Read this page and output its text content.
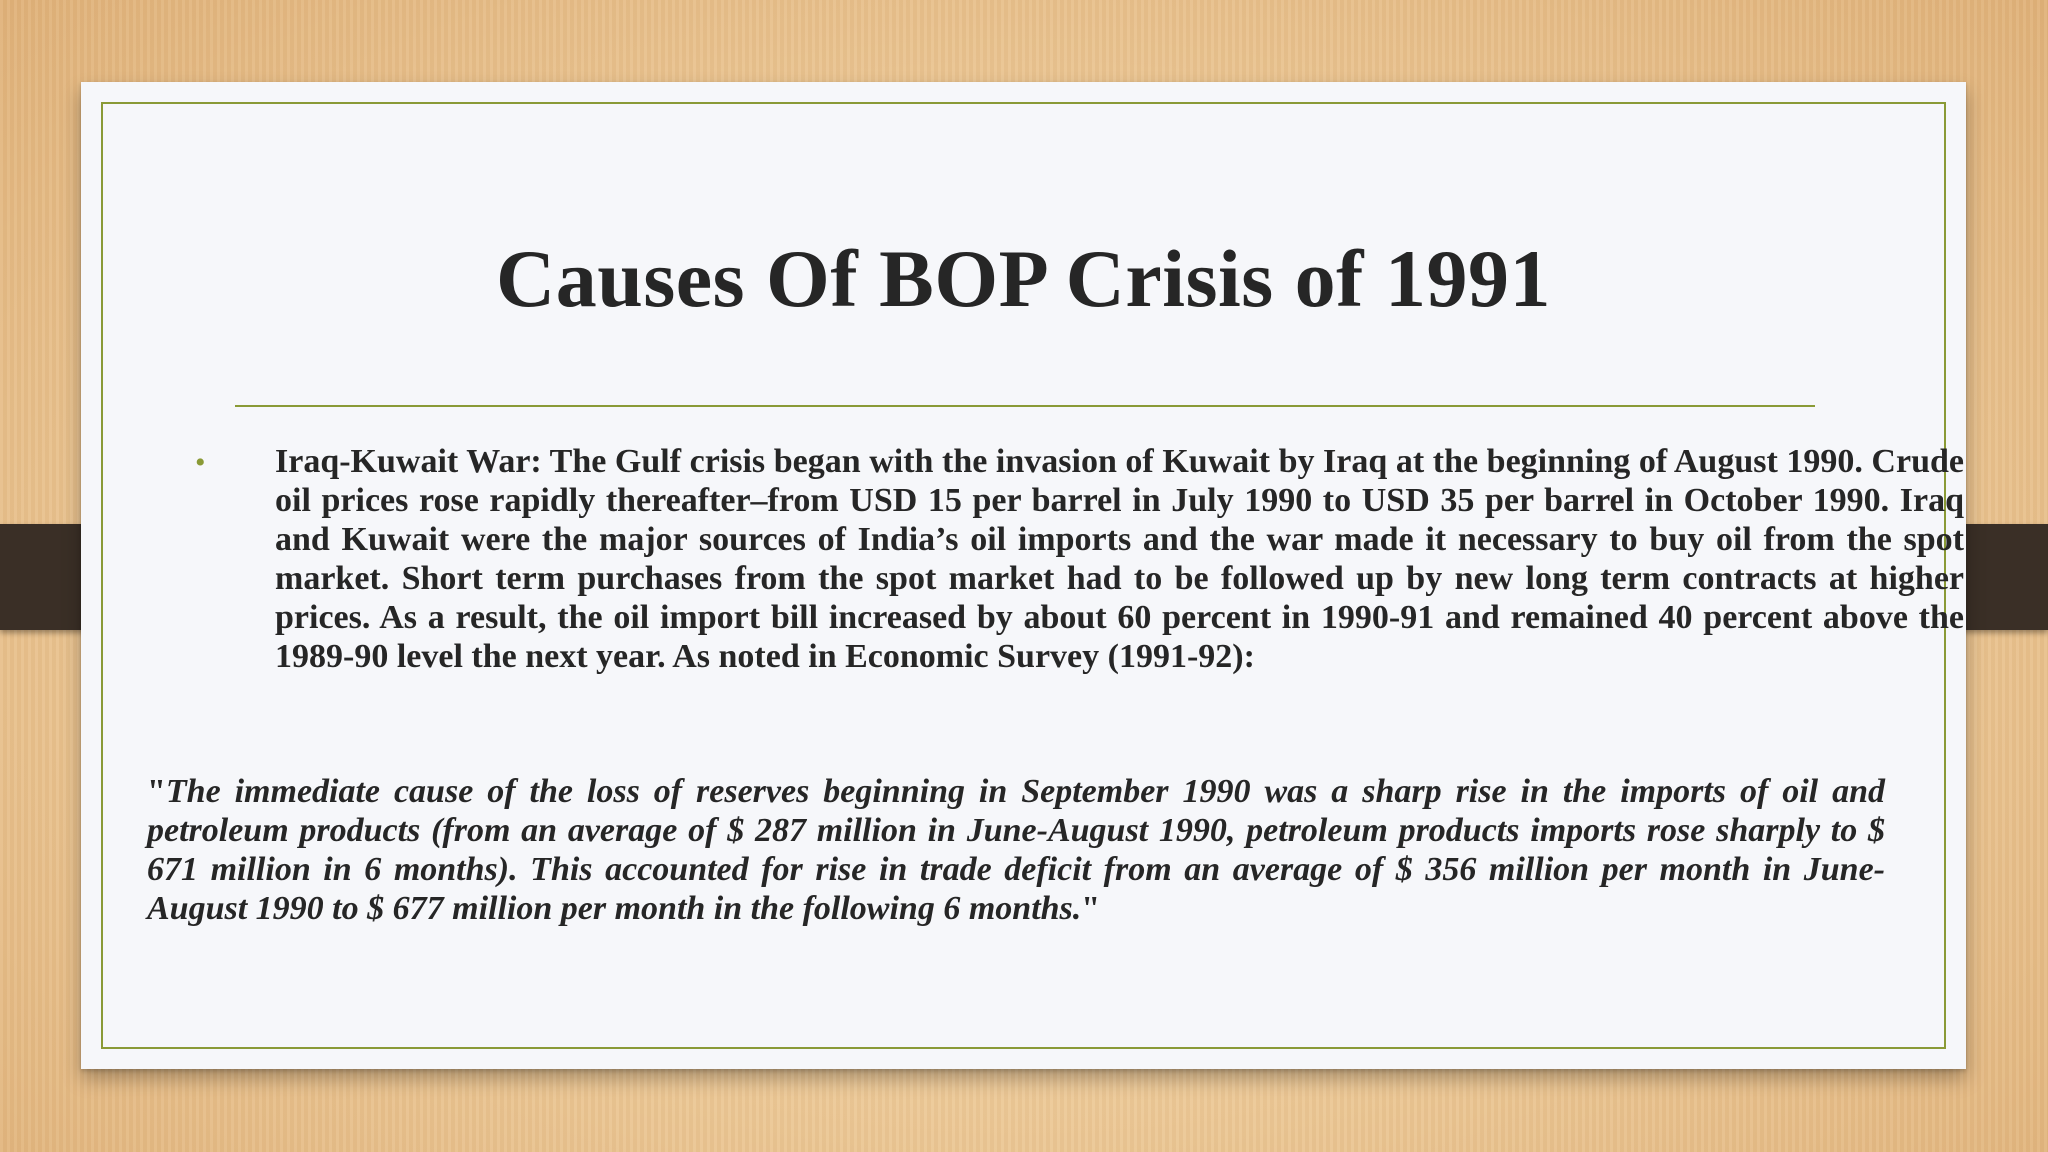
Causes Of BOP Crisis of 1991
• Iraq-Kuwait War: The Gulf crisis began with the invasion of Kuwait by Iraq at the beginning of August 1990. Crude oil prices rose rapidly thereafter–from USD 15 per barrel in July 1990 to USD 35 per barrel in October 1990. Iraq and Kuwait were the major sources of India’s oil imports and the war made it necessary to buy oil from the spot market. Short term purchases from the spot market had to be followed up by new long term contracts at higher prices. As a result, the oil import bill increased by about 60 percent in 1990-91 and remained 40 percent above the 1989-90 level the next year. As noted in Economic Survey (1991-92):

"The immediate cause of the loss of reserves beginning in September 1990 was a sharp rise in the imports of oil and petroleum products (from an average of $ 287 million in June-August 1990, petroleum products imports rose sharply to $ 671 million in 6 months). This accounted for rise in trade deficit from an average of $ 356 million per month in June-August 1990 to $ 677 million per month in the following 6 months."
